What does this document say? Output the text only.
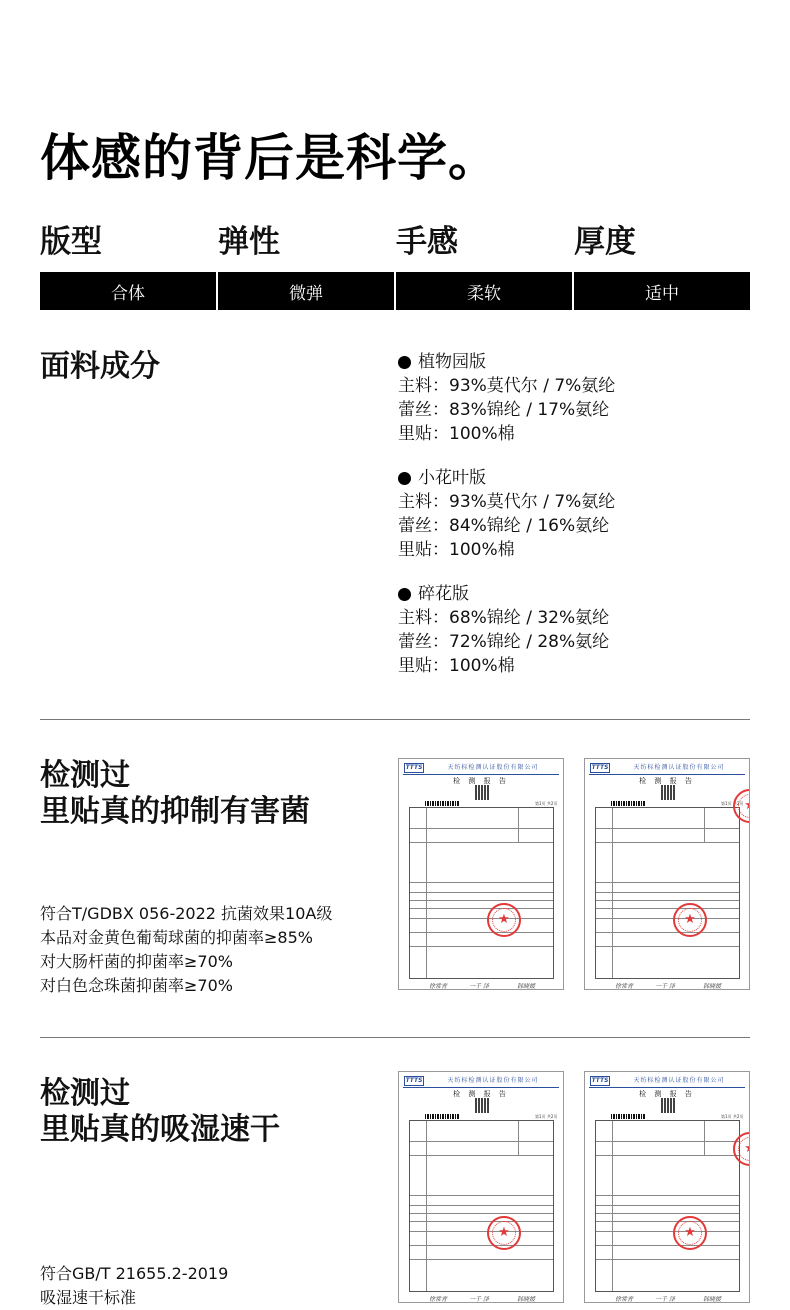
体感的背后是科学。
版型	弹性	手感	厚度
合体	微弹	柔软	适中
面料成分	植物园版
主料：93%莫代尔 / 7%氨纶
蕾丝：83%锦纶 / 17%氨纶
里贴：100%棉
小花叶版
主料：93%莫代尔 / 7%氨纶
蕾丝：84%锦纶 / 16%氨纶
里贴：100%棉
碎花版
主料：68%锦纶 / 32%氨纶
蕾丝：72%锦纶 / 28%氨纶
里贴：100%棉
检测过
里贴真的抑制有害菌
符合T/GDBX 056-2022 抗菌效果10A级
本品对金黄色葡萄球菌的抑菌率≥85%
对大肠杆菌的抑菌率≥70%
对白色念珠菌抑菌率≥70%
TTTS	天纺标检测认证股份有限公司
检 测 报 告
第1页 共2页
★
徐常青	一千 泽	韩晓媛
TTTS	天纺标检测认证股份有限公司
检 测 报 告
第1页 共2页
★
★
徐常青	一千 泽	韩晓媛
检测过
里贴真的吸湿速干
符合GB/T 21655.2-2019
吸湿速干标准
TTTS	天纺标检测认证股份有限公司
检 测 报 告
第1页 共2页
★
徐常青	一千 泽	韩晓媛
TTTS	天纺标检测认证股份有限公司
检 测 报 告
第1页 共2页
★
★
徐常青	一千 泽	韩晓媛
